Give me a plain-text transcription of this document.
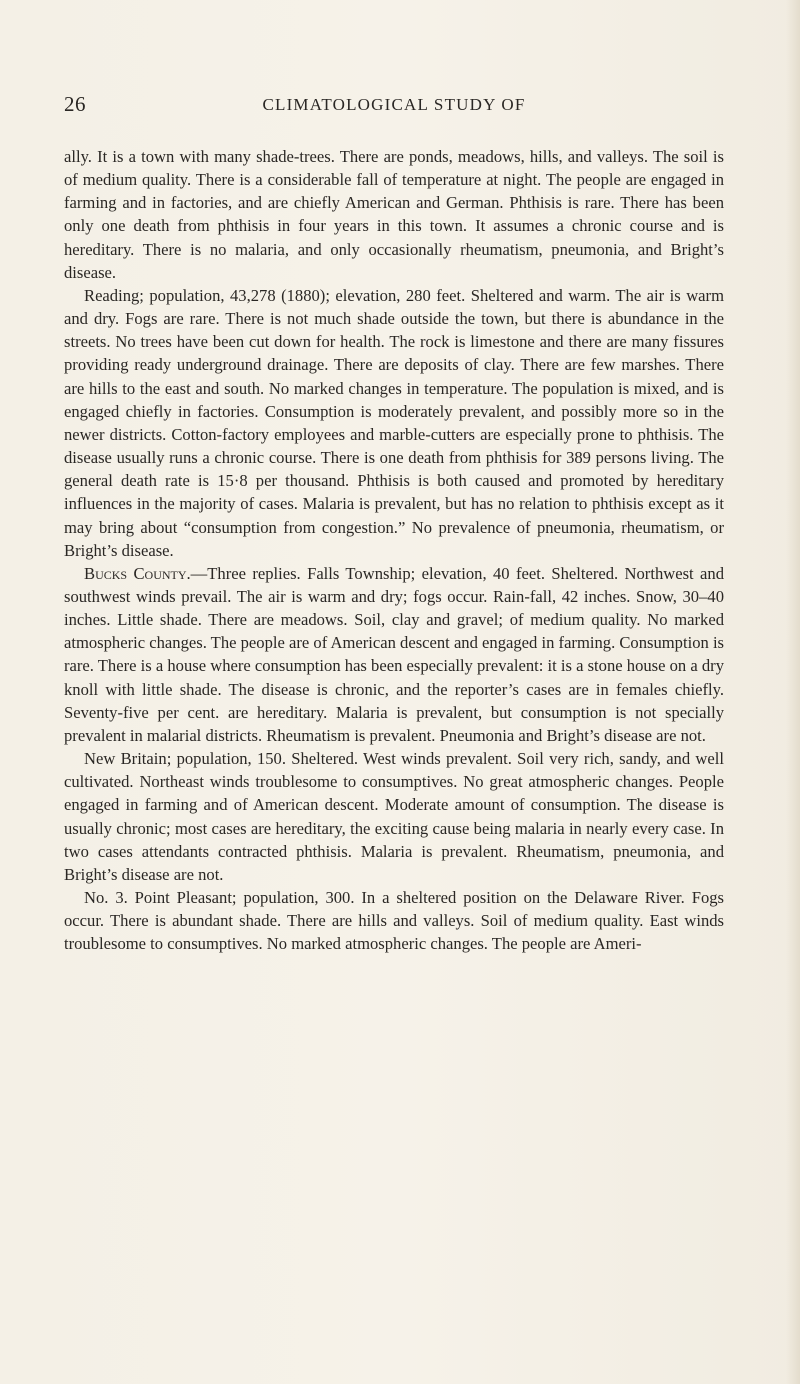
26	CLIMATOLOGICAL STUDY OF

ally. It is a town with many shade-trees. There are ponds, meadows, hills, and valleys. The soil is of medium quality. There is a considerable fall of temperature at night. The people are engaged in farming and in factories, and are chiefly American and German. Phthisis is rare. There has been only one death from phthisis in four years in this town. It assumes a chronic course and is hereditary. There is no malaria, and only occasionally rheumatism, pneumonia, and Bright’s disease.

Reading; population, 43,278 (1880); elevation, 280 feet. Sheltered and warm. The air is warm and dry. Fogs are rare. There is not much shade outside the town, but there is abundance in the streets. No trees have been cut down for health. The rock is limestone and there are many fissures providing ready underground drainage. There are deposits of clay. There are few marshes. There are hills to the east and south. No marked changes in temperature. The population is mixed, and is engaged chiefly in factories. Consumption is moderately prevalent, and possibly more so in the newer districts. Cotton-factory employees and marble-cutters are especially prone to phthisis. The disease usually runs a chronic course. There is one death from phthisis for 389 persons living. The general death rate is 15·8 per thousand. Phthisis is both caused and promoted by hereditary influences in the majority of cases. Malaria is prevalent, but has no relation to phthisis except as it may bring about “consumption from congestion.” No prevalence of pneumonia, rheumatism, or Bright’s disease.

Bucks County.—Three replies. Falls Township; elevation, 40 feet. Sheltered. Northwest and southwest winds prevail. The air is warm and dry; fogs occur. Rain-fall, 42 inches. Snow, 30–40 inches. Little shade. There are meadows. Soil, clay and gravel; of medium quality. No marked atmospheric changes. The people are of American descent and engaged in farming. Consumption is rare. There is a house where consumption has been especially prevalent: it is a stone house on a dry knoll with little shade. The disease is chronic, and the reporter’s cases are in females chiefly. Seventy-five per cent. are hereditary. Malaria is prevalent, but consumption is not specially prevalent in malarial districts. Rheumatism is prevalent. Pneumonia and Bright’s disease are not.

New Britain; population, 150. Sheltered. West winds prevalent. Soil very rich, sandy, and well cultivated. Northeast winds troublesome to consumptives. No great atmospheric changes. People engaged in farming and of American descent. Moderate amount of consumption. The disease is usually chronic; most cases are hereditary, the exciting cause being malaria in nearly every case. In two cases attendants contracted phthisis. Malaria is prevalent. Rheumatism, pneumonia, and Bright’s disease are not.

No. 3. Point Pleasant; population, 300. In a sheltered position on the Delaware River. Fogs occur. There is abundant shade. There are hills and valleys. Soil of medium quality. East winds troublesome to consumptives. No marked atmospheric changes. The people are Ameri-
